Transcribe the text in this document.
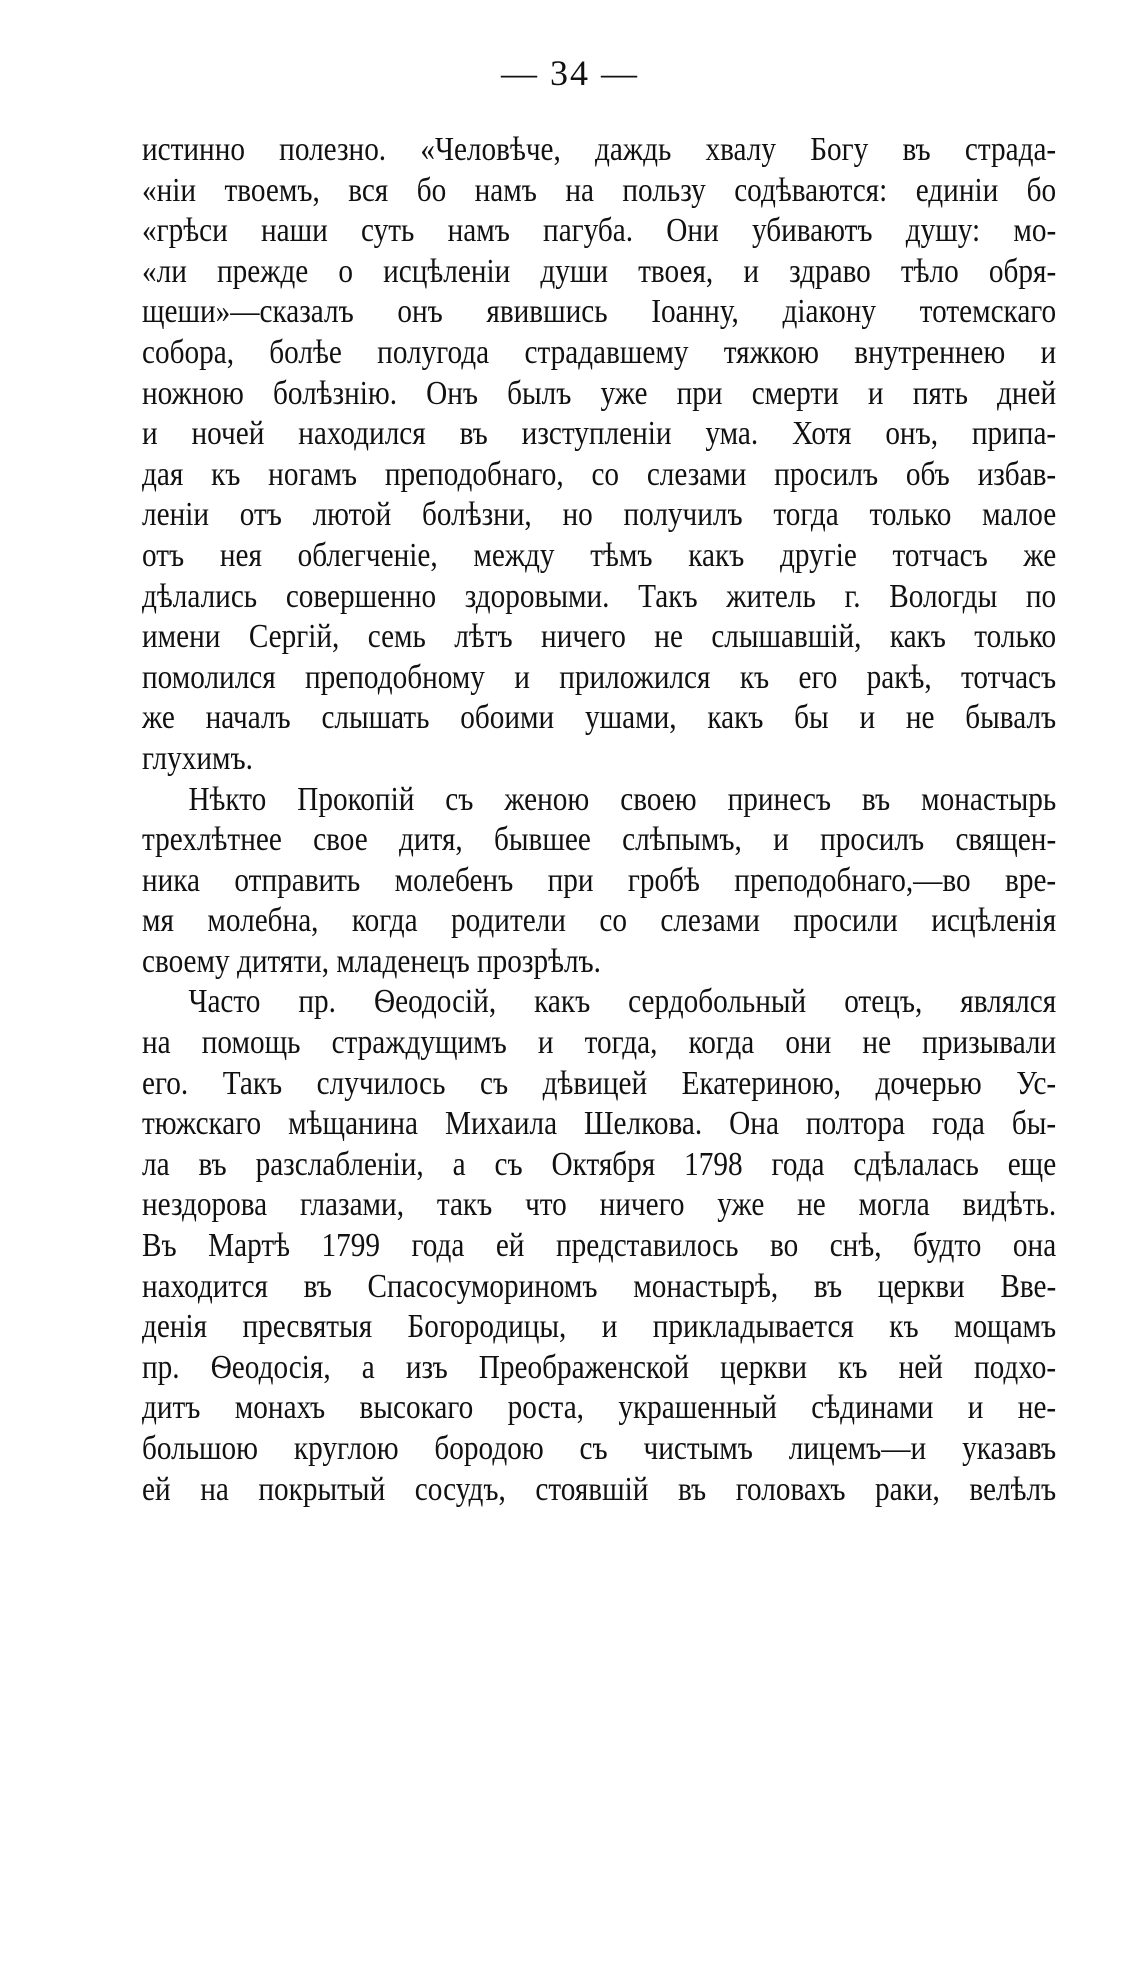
— 34 —
истинно полезно. «Человѣче, даждь хвалу Богу въ страда-
«ніи твоемъ, вся бо намъ на пользу содѣваются: единіи бо
«грѣси наши суть намъ пагуба. Они убиваютъ душу: мо-
«ли прежде о исцѣленіи души твоея, и здраво тѣло обря-
щеши»—сказалъ онъ явившись Іоанну, діакону тотемскаго
собора, болѣе полугода страдавшему тяжкою внутреннею и
ножною болѣзнію. Онъ былъ уже при смерти и пять дней
и ночей находился въ изступленіи ума. Хотя онъ, припа-
дая къ ногамъ преподобнаго, со слезами просилъ объ избав-
леніи отъ лютой болѣзни, но получилъ тогда только малое
отъ нея облегченіе, между тѣмъ какъ другіе тотчасъ же
дѣлались совершенно здоровыми. Такъ житель г. Вологды по
имени Сергій, семь лѣтъ ничего не слышавшій, какъ только
помолился преподобному и приложился къ его ракѣ, тотчасъ
же началъ слышать обоими ушами, какъ бы и не бывалъ
глухимъ.
Нѣкто Прокопій съ женою своею принесъ въ монастырь
трехлѣтнее свое дитя, бывшее слѣпымъ, и просилъ священ-
ника отправить молебенъ при гробѣ преподобнаго,—во вре-
мя молебна, когда родители со слезами просили исцѣленія
своему дитяти, младенецъ прозрѣлъ.
Часто пр. Ѳеодосій, какъ сердобольный отецъ, являлся
на помощь страждущимъ и тогда, когда они не призывали
его. Такъ случилось съ дѣвицей Екатериною, дочерью Ус-
тюжскаго мѣщанина Михаила Шелкова. Она полтора года бы-
ла въ разслабленіи, а съ Октября 1798 года сдѣлалась еще
нездорова глазами, такъ что ничего уже не могла видѣть.
Въ Мартѣ 1799 года ей представилось во снѣ, будто она
находится въ Спасосумориномъ монастырѣ, въ церкви Вве-
денія пресвятыя Богородицы, и прикладывается къ мощамъ
пр. Ѳеодосія, а изъ Преображенской церкви къ ней подхо-
дитъ монахъ высокаго роста, украшенный сѣдинами и не-
большою круглою бородою съ чистымъ лицемъ—и указавъ
ей на покрытый сосудъ, стоявшій въ головахъ раки, велѣлъ
